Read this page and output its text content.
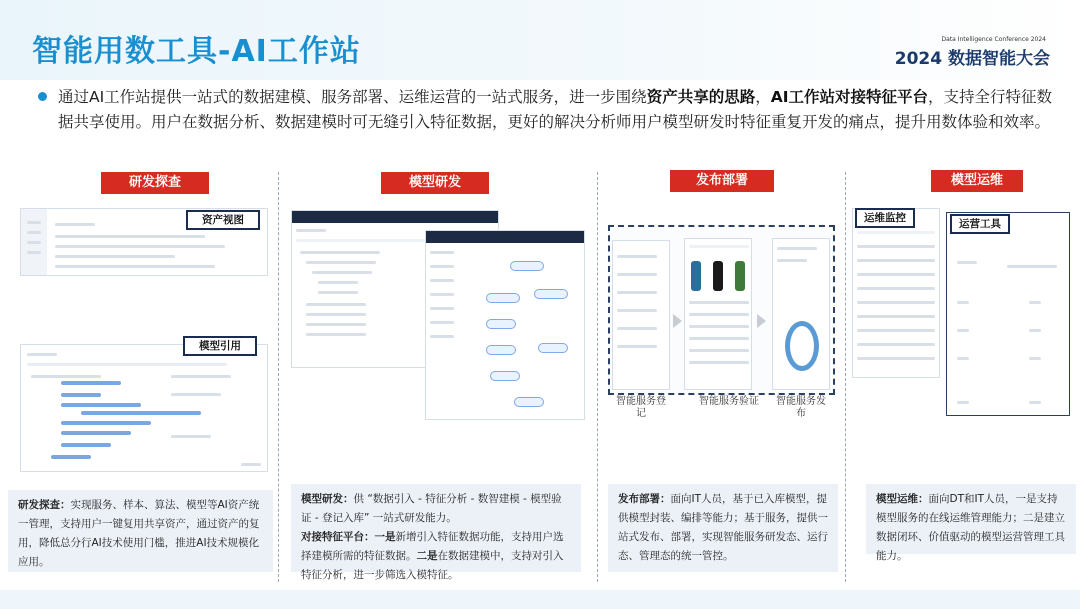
智能用数工具-AI工作站	Data Intelligence Conference 2024
2024 数据智能大会
通过AI工作站提供一站式的数据建模、服务部署、运维运营的一站式服务，进一步围绕资产共享的思路，AI工作站对接特征平台，支持全行特征数据共享使用。用户在数据分析、数据建模时可无缝引入特征数据，更好的解决分析师用户模型研发时特征重复开发的痛点，提升用数体验和效率。
研发探查
资产视图
模型引用
研发探查：实现服务、样本、算法、模型等AI资产统一管理，支持用户一键复用共享资产，通过资产的复用，降低总分行AI技术使用门槛，推进AI技术规模化应用。
模型研发
模型研发：供 “数据引入 - 特征分析 - 数智建模 - 模型验证 - 登记入库” 一站式研发能力。
对接特征平台：一是新增引入特征数据功能，支持用户选择建模所需的特征数据。二是在数据建模中，支持对引入特征分析，进一步筛选入模特征。
发布部署
智能服务登记
智能服务验证	智能服务发布
发布部署：面向IT人员，基于已入库模型，提供模型封装、编排等能力；基于服务，提供一站式发布、部署，实现智能服务研发态、运行态、管理态的统一管控。
模型运维
运维监控	运营工具
模型运维：面向DT和IT人员，一是支持模型服务的在线运维管理能力；二是建立数据闭环、价值驱动的模型运营管理工具能力。
